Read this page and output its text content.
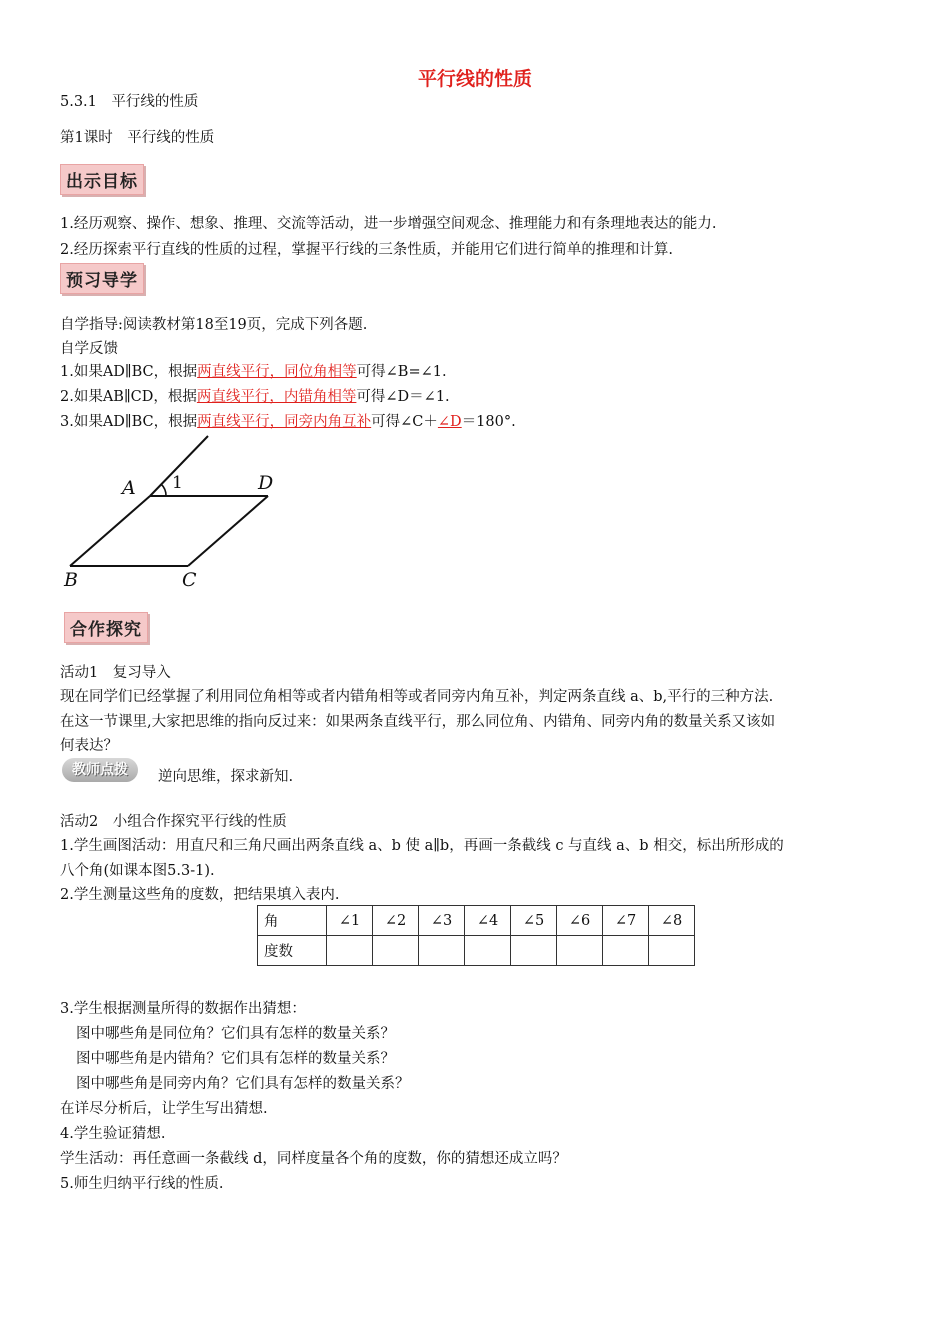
平行线的性质
5.3.1　平行线的性质
第1课时　平行线的性质
出示目标
1.经历观察、操作、想象、推理、交流等活动，进一步增强空间观念、推理能力和有条理地表达的能力.
2.经历探索平行直线的性质的过程，掌握平行线的三条性质，并能用它们进行简单的推理和计算.
预习导学
自学指导:阅读教材第18至19页，完成下列各题.
自学反馈
1.如果AD∥BC，根据两直线平行，同位角相等可得∠B=∠1.
2.如果AB∥CD，根据两直线平行，内错角相等可得∠D＝∠1.
3.如果AD∥BC，根据两直线平行，同旁内角互补可得∠C＋∠D＝180°.
A	D
B	C
1
合作探究
活动1　复习导入
现在同学们已经掌握了利用同位角相等或者内错角相等或者同旁内角互补，判定两条直线 a、b,平行的三种方法.
在这一节课里,大家把思维的指向反过来：如果两条直线平行，那么同位角、内错角、同旁内角的数量关系又该如
何表达？
教师点拨	逆向思维，探求新知.
活动2　小组合作探究平行线的性质
1.学生画图活动：用直尺和三角尺画出两条直线 a、b 使 a∥b，再画一条截线 c 与直线 a、b 相交，标出所形成的
八个角(如课本图5.3-1).
2.学生测量这些角的度数，把结果填入表内.
角	∠1	∠2	∠3	∠4	∠5	∠6	∠7	∠8
度数								
3.学生根据测量所得的数据作出猜想：
图中哪些角是同位角？它们具有怎样的数量关系？
图中哪些角是内错角？它们具有怎样的数量关系？
图中哪些角是同旁内角？它们具有怎样的数量关系？
在详尽分析后，让学生写出猜想.
4.学生验证猜想.
学生活动：再任意画一条截线 d，同样度量各个角的度数，你的猜想还成立吗？
5.师生归纳平行线的性质.
